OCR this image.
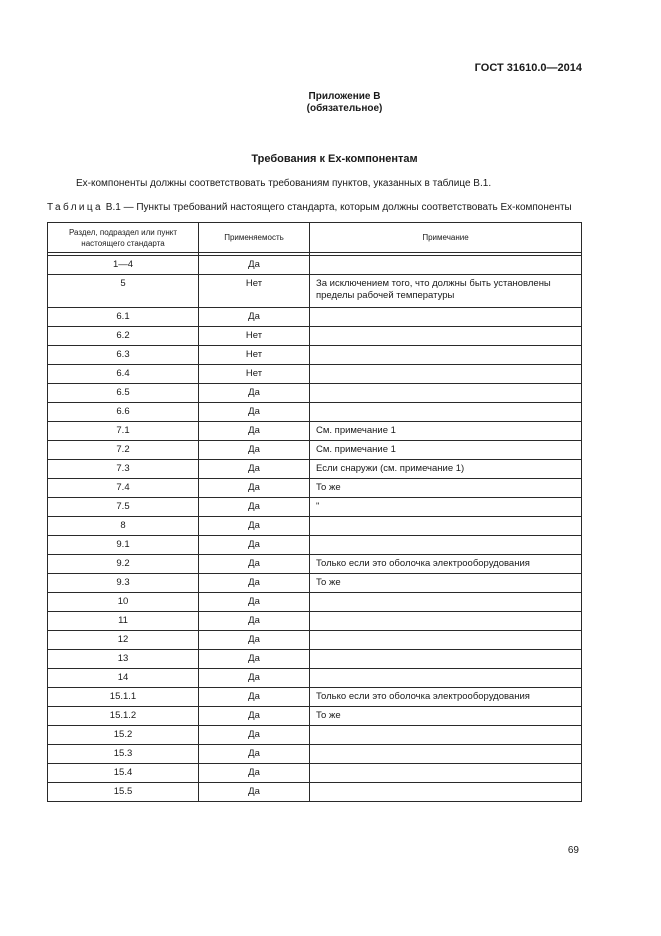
ГОСТ 31610.0—2014
Приложение В
(обязательное)
Требования к Ех-компонентам
Ех-компоненты должны соответствовать требованиям пунктов, указанных в таблице В.1.
Таблица В.1 — Пункты требований настоящего стандарта, которым должны соответствовать Ех-компоненты
Раздел, подраздел или пункт настоящего стандарта	Применяемость	Примечание

1—4	Да	
5	Нет	За исключением того, что должны быть установлены пределы рабочей температуры
6.1	Да	
6.2	Нет	
6.3	Нет	
6.4	Нет	
6.5	Да	
6.6	Да	
7.1	Да	См. примечание 1
7.2	Да	См. примечание 1
7.3	Да	Если снаружи (см. примечание 1)
7.4	Да	То же
7.5	Да	"
8	Да	
9.1	Да	
9.2	Да	Только если это оболочка электрооборудования
9.3	Да	То же
10	Да	
11	Да	
12	Да	
13	Да	
14	Да	
15.1.1	Да	Только если это оболочка электрооборудования
15.1.2	Да	То же
15.2	Да	
15.3	Да	
15.4	Да	
15.5	Да	
69
